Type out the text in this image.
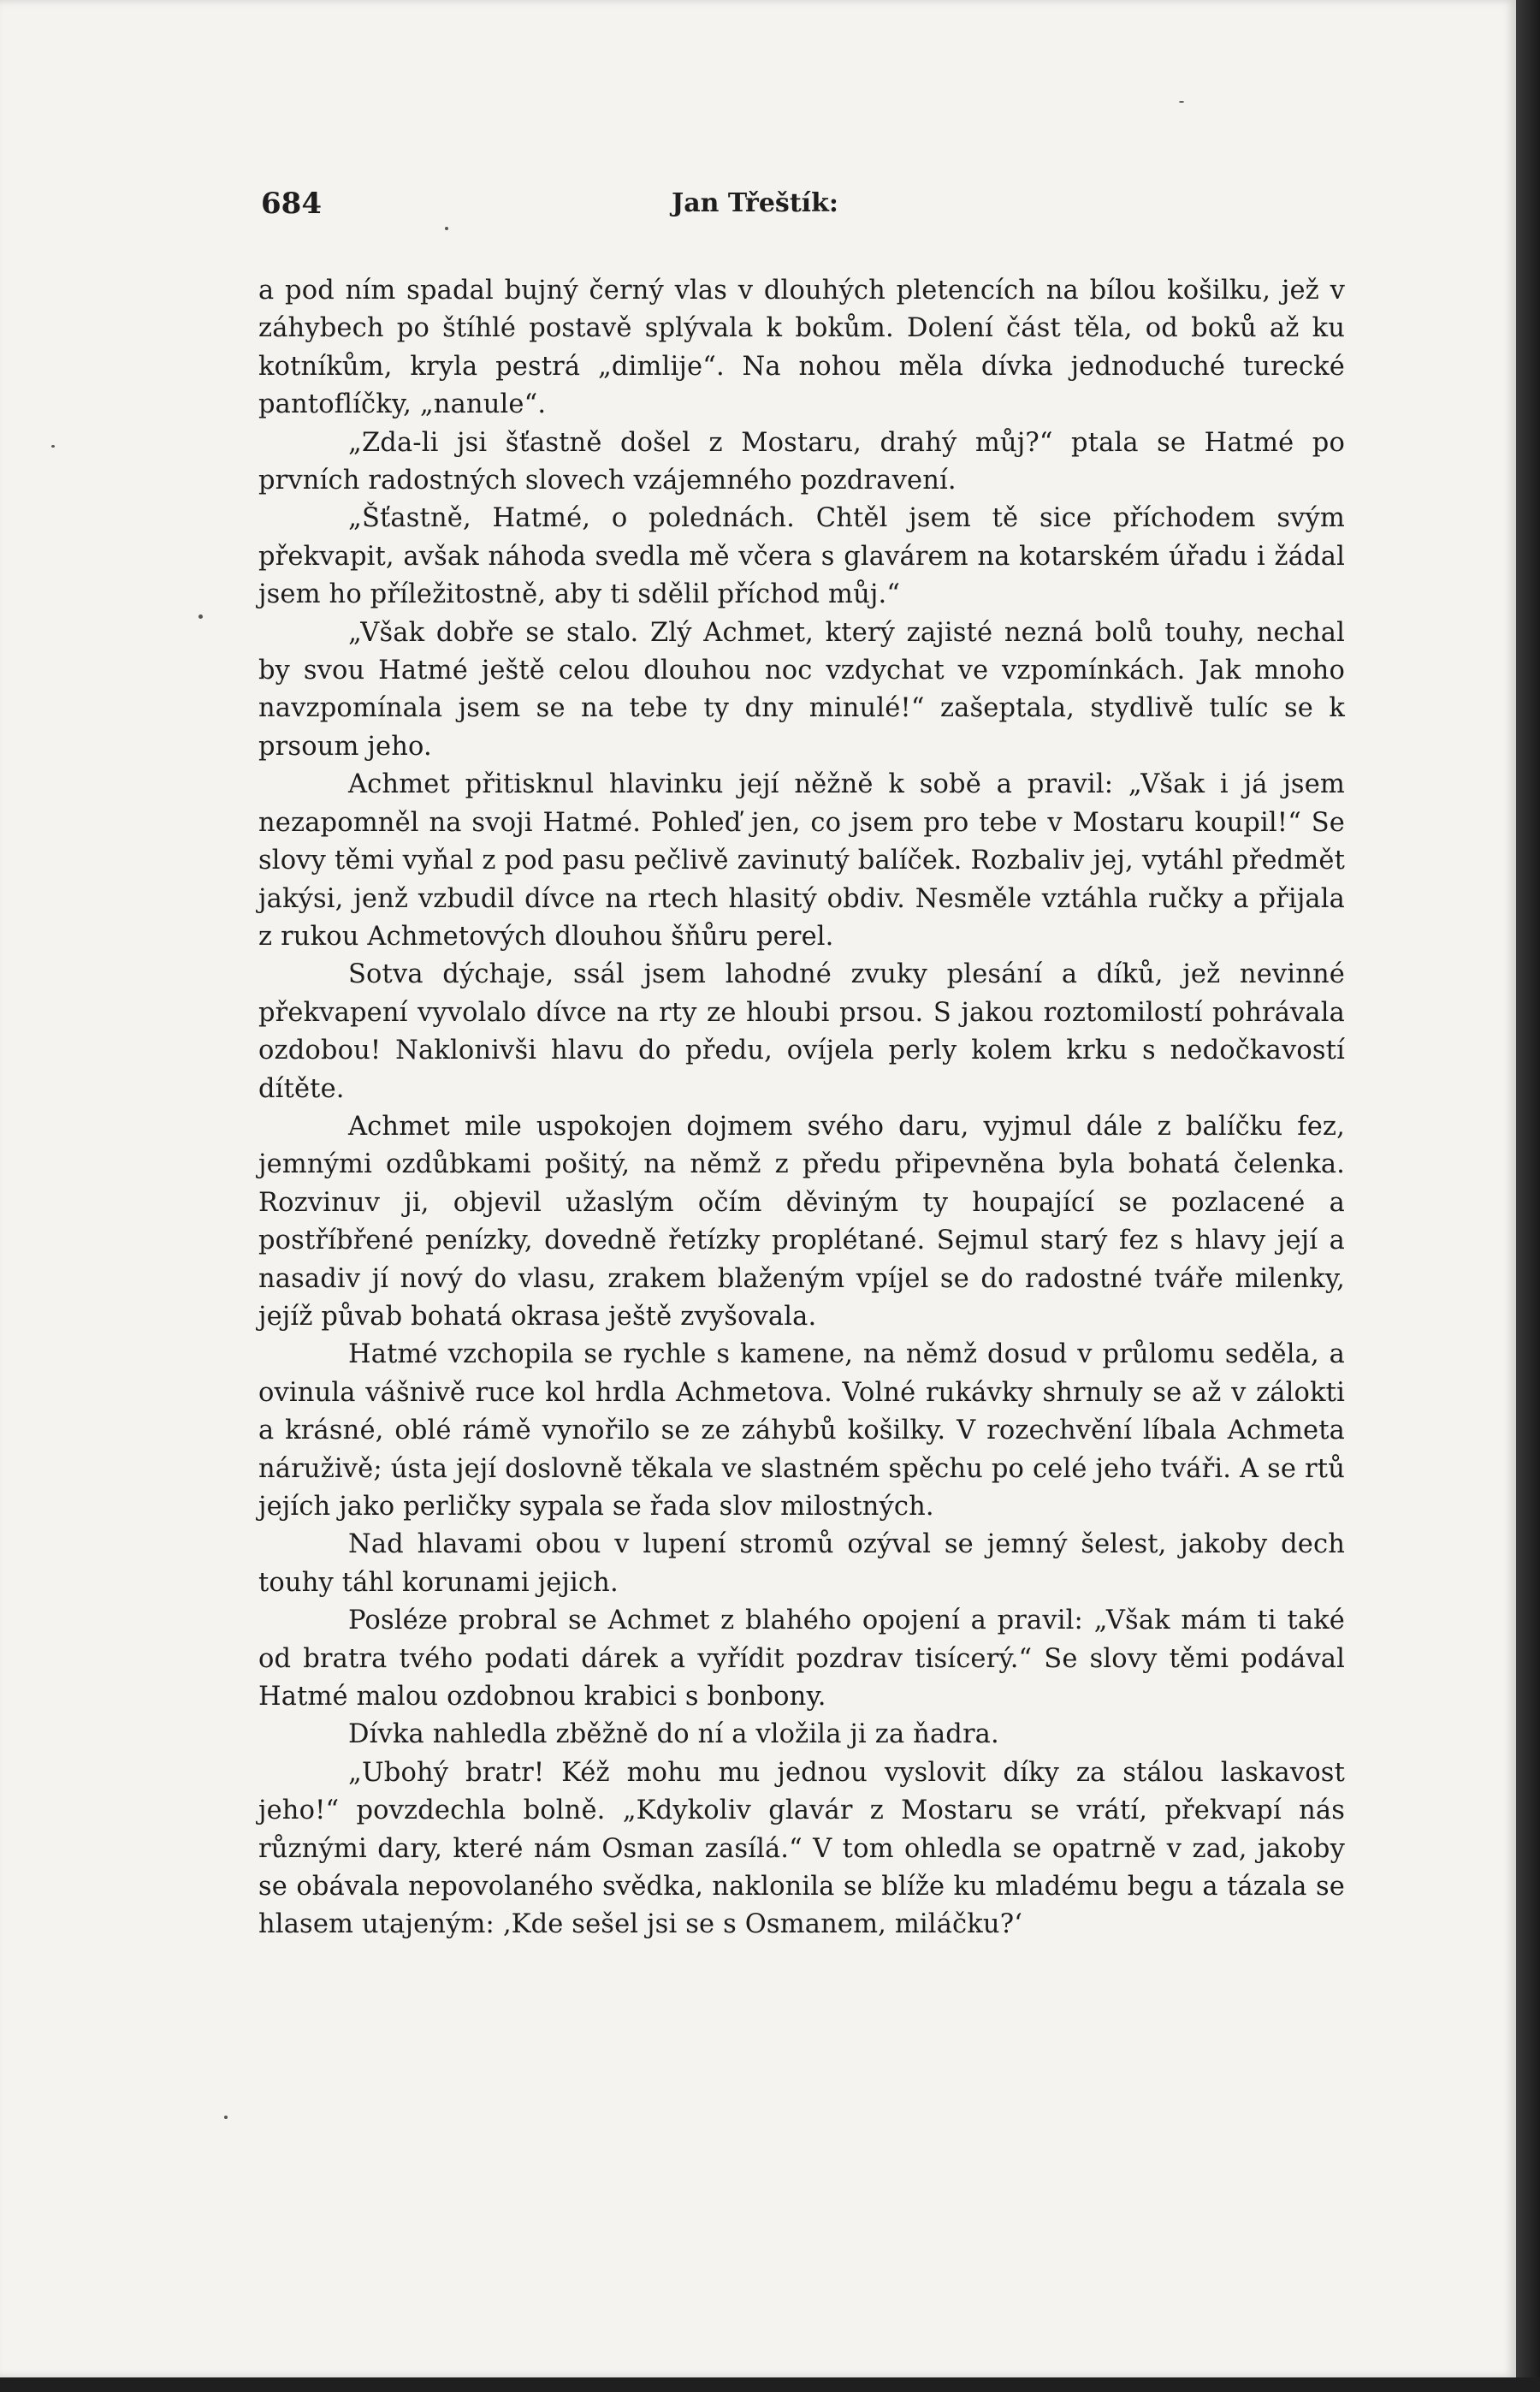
684	Jan Třeštík:

a pod ním spadal bujný černý vlas v dlouhých pletencích na bílou košilku, jež v záhybech po štíhlé postavě splývala k bokům. Dolení část těla, od boků až ku kotníkům, kryla pestrá „dimlije“. Na nohou měla dívka jednoduché turecké pantoflíčky, „nanule“.

„Zda-li jsi šťastně došel z Mostaru, drahý můj?“ ptala se Hatmé po prvních radostných slovech vzájemného pozdravení.

„Šťastně, Hatmé, o polednách. Chtěl jsem tě sice příchodem svým překvapit, avšak náhoda svedla mě včera s glavárem na kotarském úřadu i žádal jsem ho příležitostně, aby ti sdělil příchod můj.“

„Však dobře se stalo. Zlý Achmet, který zajisté nezná bolů touhy, nechal by svou Hatmé ještě celou dlouhou noc vzdychat ve vzpomínkách. Jak mnoho navzpomínala jsem se na tebe ty dny minulé!“ zašeptala, stydlivě tulíc se k prsoum jeho.

Achmet přitisknul hlavinku její něžně k sobě a pravil: „Však i já jsem nezapomněl na svoji Hatmé. Pohleď jen, co jsem pro tebe v Mostaru koupil!“ Se slovy těmi vyňal z pod pasu pečlivě zavinutý balíček. Rozbaliv jej, vytáhl předmět jakýsi, jenž vzbudil dívce na rtech hlasitý obdiv. Nesměle vztáhla ručky a přijala z rukou Achmetových dlouhou šňůru perel.

Sotva dýchaje, ssál jsem lahodné zvuky plesání a díků, jež nevinné překvapení vyvolalo dívce na rty ze hloubi prsou. S jakou roztomilostí pohrávala ozdobou! Naklonivši hlavu do předu, ovíjela perly kolem krku s nedočkavostí dítěte.

Achmet mile uspokojen dojmem svého daru, vyjmul dále z balíčku fez, jemnými ozdůbkami pošitý, na němž z předu připevněna byla bohatá čelenka. Rozvinuv ji, objevil užaslým očím děviným ty houpající se pozlacené a postříbřené penízky, dovedně řetízky proplétané. Sejmul starý fez s hlavy její a nasadiv jí nový do vlasu, zrakem blaženým vpíjel se do radostné tváře milenky, jejíž půvab bohatá okrasa ještě zvyšovala.

Hatmé vzchopila se rychle s kamene, na němž dosud v průlomu seděla, a ovinula vášnivě ruce kol hrdla Achmetova. Volné rukávky shrnuly se až v zálokti a krásné, oblé rámě vynořilo se ze záhybů košilky. V rozechvění líbala Achmeta náruživě; ústa její doslovně těkala ve slastném spěchu po celé jeho tváři. A se rtů jejích jako perličky sypala se řada slov milostných.

Nad hlavami obou v lupení stromů ozýval se jemný šelest, jakoby dech touhy táhl korunami jejich.

Posléze probral se Achmet z blahého opojení a pravil: „Však mám ti také od bratra tvého podati dárek a vyřídit pozdrav tisícerý.“ Se slovy těmi podával Hatmé malou ozdobnou krabici s bonbony.

Dívka nahledla zběžně do ní a vložila ji za ňadra.

„Ubohý bratr! Kéž mohu mu jednou vyslovit díky za stálou laskavost jeho!“ povzdechla bolně. „Kdykoliv glavár z Mostaru se vrátí, překvapí nás různými dary, které nám Osman zasílá.“ V tom ohledla se opatrně v zad, jakoby se obávala nepovolaného svědka, naklonila se blíže ku mladému begu a tázala se hlasem utajeným: ‚Kde sešel jsi se s Osmanem, miláčku?‘
